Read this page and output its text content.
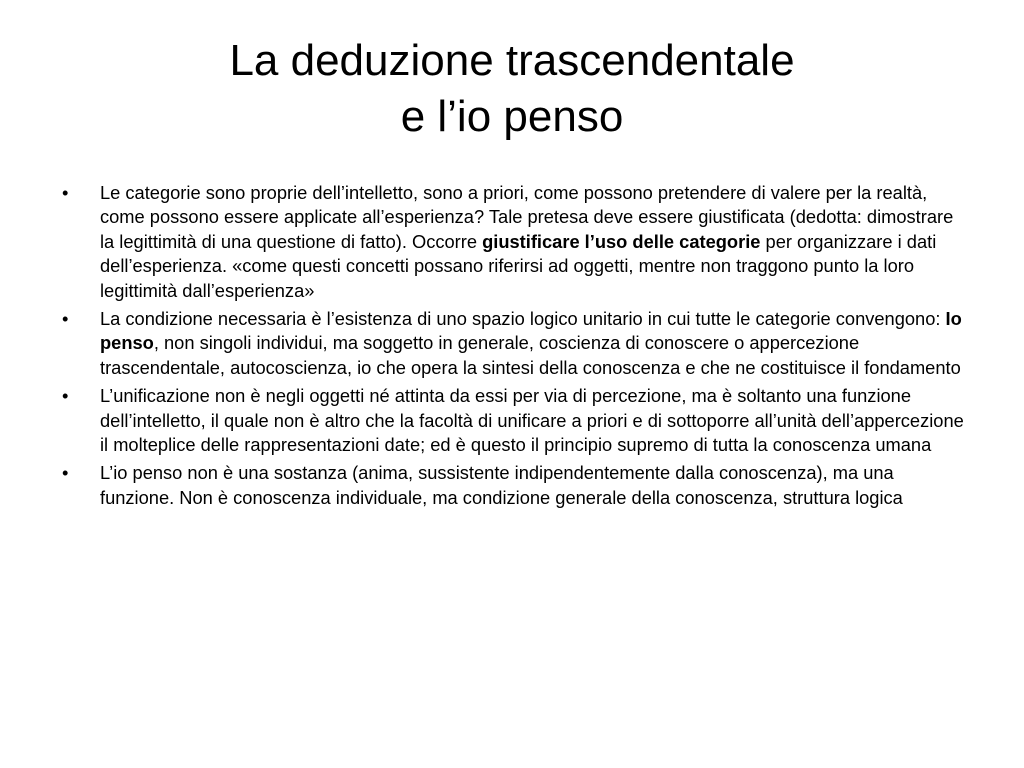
La deduzione trascendentale
e l’io penso
• Le categorie sono proprie dell’intelletto, sono a priori, come possono pretendere di valere per la realtà, come possono essere applicate all’esperienza? Tale pretesa deve essere giustificata (dedotta: dimostrare la legittimità di una questione di fatto). Occorre giustificare l’uso delle categorie per organizzare i dati dell’esperienza. «come questi concetti possano riferirsi ad oggetti, mentre non traggono punto la loro legittimità dall’esperienza»
• La condizione necessaria è l’esistenza di uno spazio logico unitario in cui tutte le categorie convengono: Io penso, non singoli individui, ma soggetto in generale, coscienza di conoscere o appercezione trascendentale, autocoscienza, io che opera la sintesi della conoscenza e che ne costituisce il fondamento
• L’unificazione non è negli oggetti né attinta da essi per via di percezione, ma è soltanto una funzione dell’intelletto, il quale non è altro che la facoltà di unificare a priori e di sottoporre all’unità dell’appercezione il molteplice delle rappresentazioni date; ed è questo il principio supremo di tutta la conoscenza umana
• L’io penso non è una sostanza (anima, sussistente indipendentemente dalla conoscenza), ma una funzione. Non è conoscenza individuale, ma condizione generale della conoscenza, struttura logica
